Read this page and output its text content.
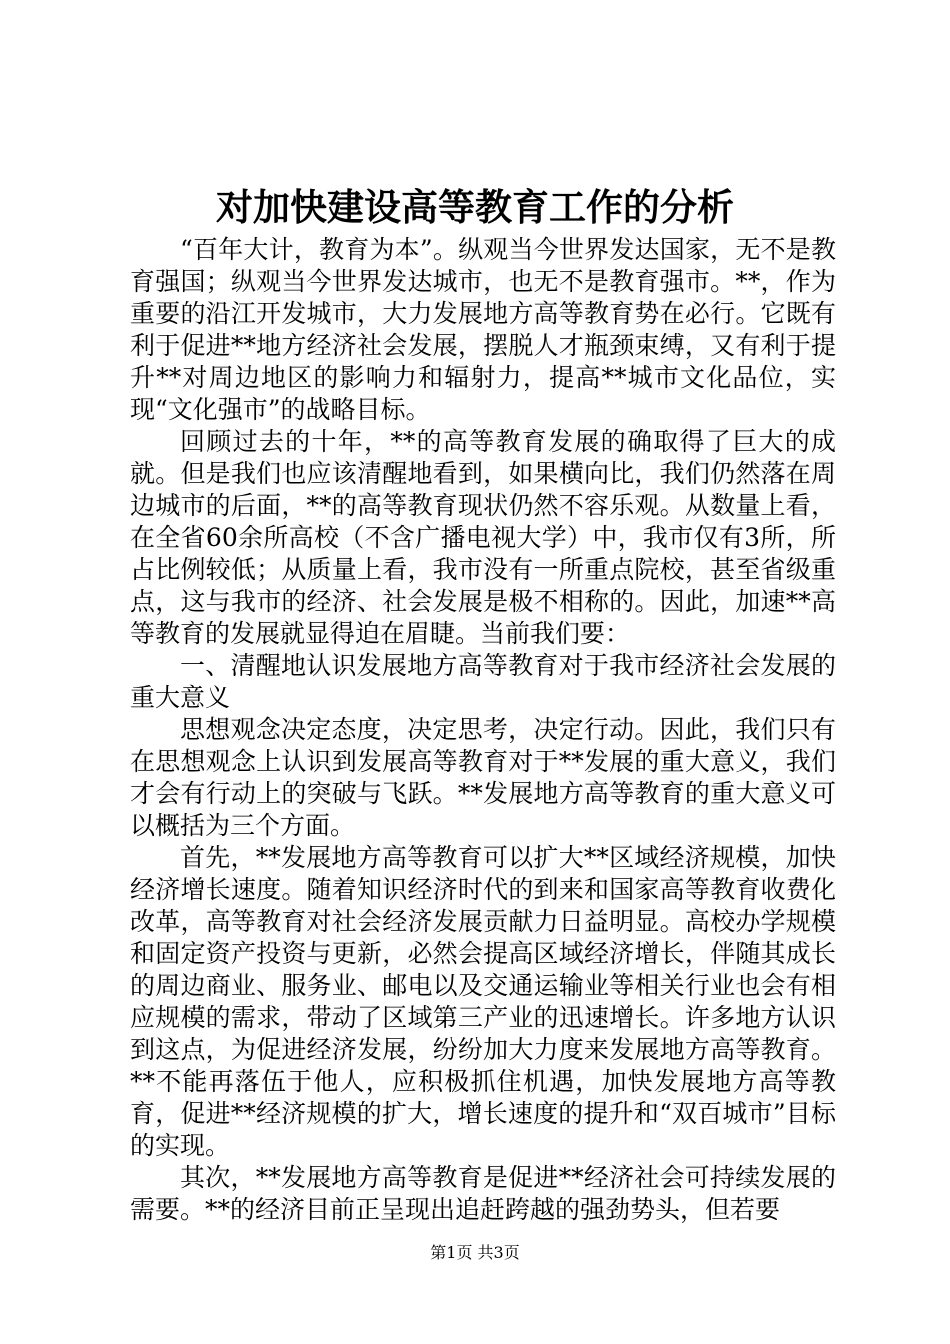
对加快建设高等教育工作的分析

“百年大计，教育为本”。纵观当今世界发达国家，无不是教育强国；纵观当今世界发达城市，也无不是教育强市。**，作为重要的沿江开发城市，大力发展地方高等教育势在必行。它既有利于促进**地方经济社会发展，摆脱人才瓶颈束缚，又有利于提升**对周边地区的影响力和辐射力，提高**城市文化品位，实现“文化强市”的战略目标。

回顾过去的十年，**的高等教育发展的确取得了巨大的成就。但是我们也应该清醒地看到，如果横向比，我们仍然落在周边城市的后面，**的高等教育现状仍然不容乐观。从数量上看，在全省60余所高校（不含广播电视大学）中，我市仅有3所，所占比例较低；从质量上看，我市没有一所重点院校，甚至省级重点，这与我市的经济、社会发展是极不相称的。因此，加速**高等教育的发展就显得迫在眉睫。当前我们要：

一、清醒地认识发展地方高等教育对于我市经济社会发展的重大意义

思想观念决定态度，决定思考，决定行动。因此，我们只有在思想观念上认识到发展高等教育对于**发展的重大意义，我们才会有行动上的突破与飞跃。**发展地方高等教育的重大意义可以概括为三个方面。

首先，**发展地方高等教育可以扩大**区域经济规模，加快经济增长速度。随着知识经济时代的到来和国家高等教育收费化改革，高等教育对社会经济发展贡献力日益明显。高校办学规模和固定资产投资与更新，必然会提高区域经济增长，伴随其成长的周边商业、服务业、邮电以及交通运输业等相关行业也会有相应规模的需求，带动了区域第三产业的迅速增长。许多地方认识到这点，为促进经济发展，纷纷加大力度来发展地方高等教育。**不能再落伍于他人，应积极抓住机遇，加快发展地方高等教育，促进**经济规模的扩大，增长速度的提升和“双百城市”目标的实现。

其次，**发展地方高等教育是促进**经济社会可持续发展的需要。**的经济目前正呈现出追赶跨越的强劲势头，但若要

第1页 共3页
